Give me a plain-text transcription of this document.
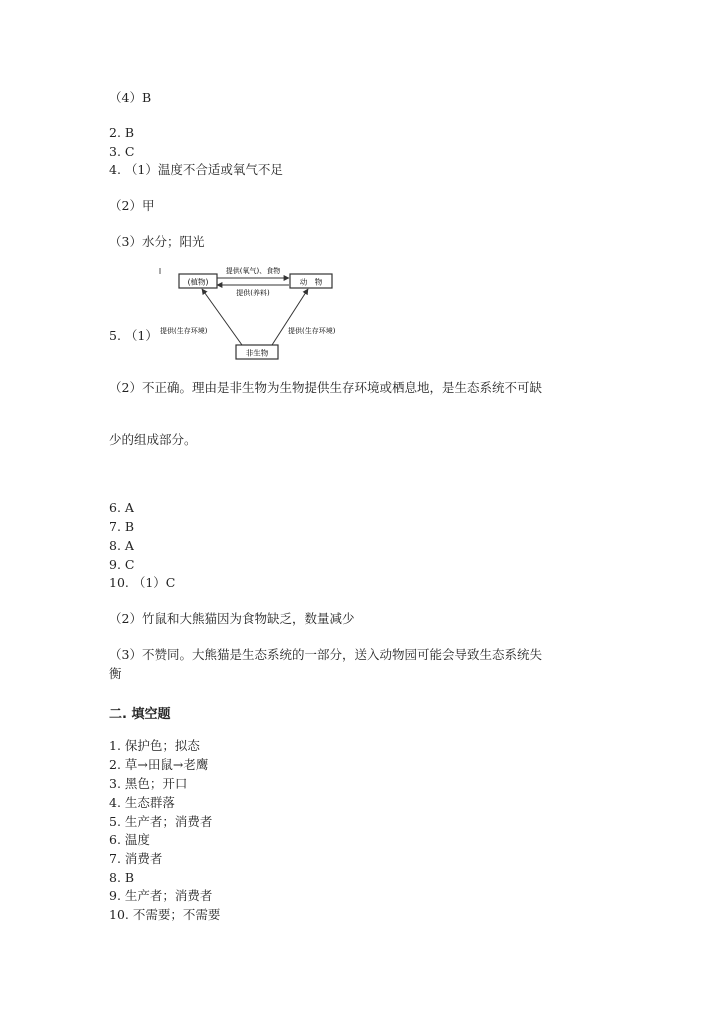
（4）B
2. B
3. C
4. （1）温度不合适或氧气不足
（2）甲
（3）水分；阳光
5. （1）
(植物)	动　物
非生物
提供(氧气)、食物
提供(养料)
提供(生存环境)	提供(生存环境)
（2）不正确。理由是非生物为生物提供生存环境或栖息地，是生态系统不可缺
少的组成部分。
6. A
7. B
8. A
9. C
10. （1）C
（2）竹鼠和大熊猫因为食物缺乏，数量减少
（3）不赞同。大熊猫是生态系统的一部分，送入动物园可能会导致生态系统失
衡
二. 填空题
1. 保护色；拟态
2. 草→田鼠→老鹰
3. 黑色；开口
4. 生态群落
5. 生产者；消费者
6. 温度
7. 消费者
8. B
9. 生产者；消费者
10. 不需要；不需要
